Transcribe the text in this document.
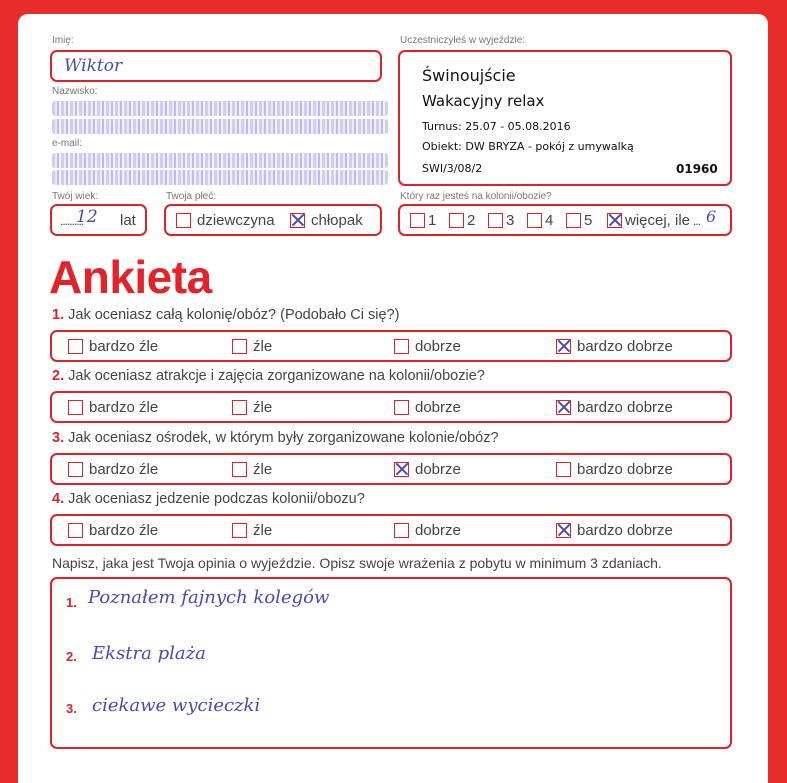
Imię:
Wiktor
Nazwisko:
e-mail:
Uczestniczyłeś w wyjeździe:
Świnoujście
Wakacyjny relax
Turnus: 25.07 - 05.08.2016
Obiekt: DW BRYZA - pokój z umywalką
SWI/3/08/2	01960
Twój wiek:
..........
12 lat
Twoja płeć:
dziewczyna chłopak
Który raz jesteś na kolonii/obozie?
1 2 3 4 5 więcej, ile ... 6
Ankieta
1. Jak oceniasz całą kolonię/obóz? (Podobało Ci się?)
bardzo źle	źle	dobrze	bardzo dobrze
2. Jak oceniasz atrakcje i zajęcia zorganizowane na kolonii/obozie?
bardzo źle	źle	dobrze	bardzo dobrze
3. Jak oceniasz ośrodek, w którym były zorganizowane kolonie/obóz?
bardzo źle	źle	dobrze	bardzo dobrze
4. Jak oceniasz jedzenie podczas kolonii/obozu?
bardzo źle	źle	dobrze	bardzo dobrze
Napisz, jaka jest Twoja opinia o wyjeździe. Opisz swoje wrażenia z pobytu w minimum 3 zdaniach.
1. Poznałem fajnych kolegów
2. Ekstra plaża
3. ciekawe wycieczki
